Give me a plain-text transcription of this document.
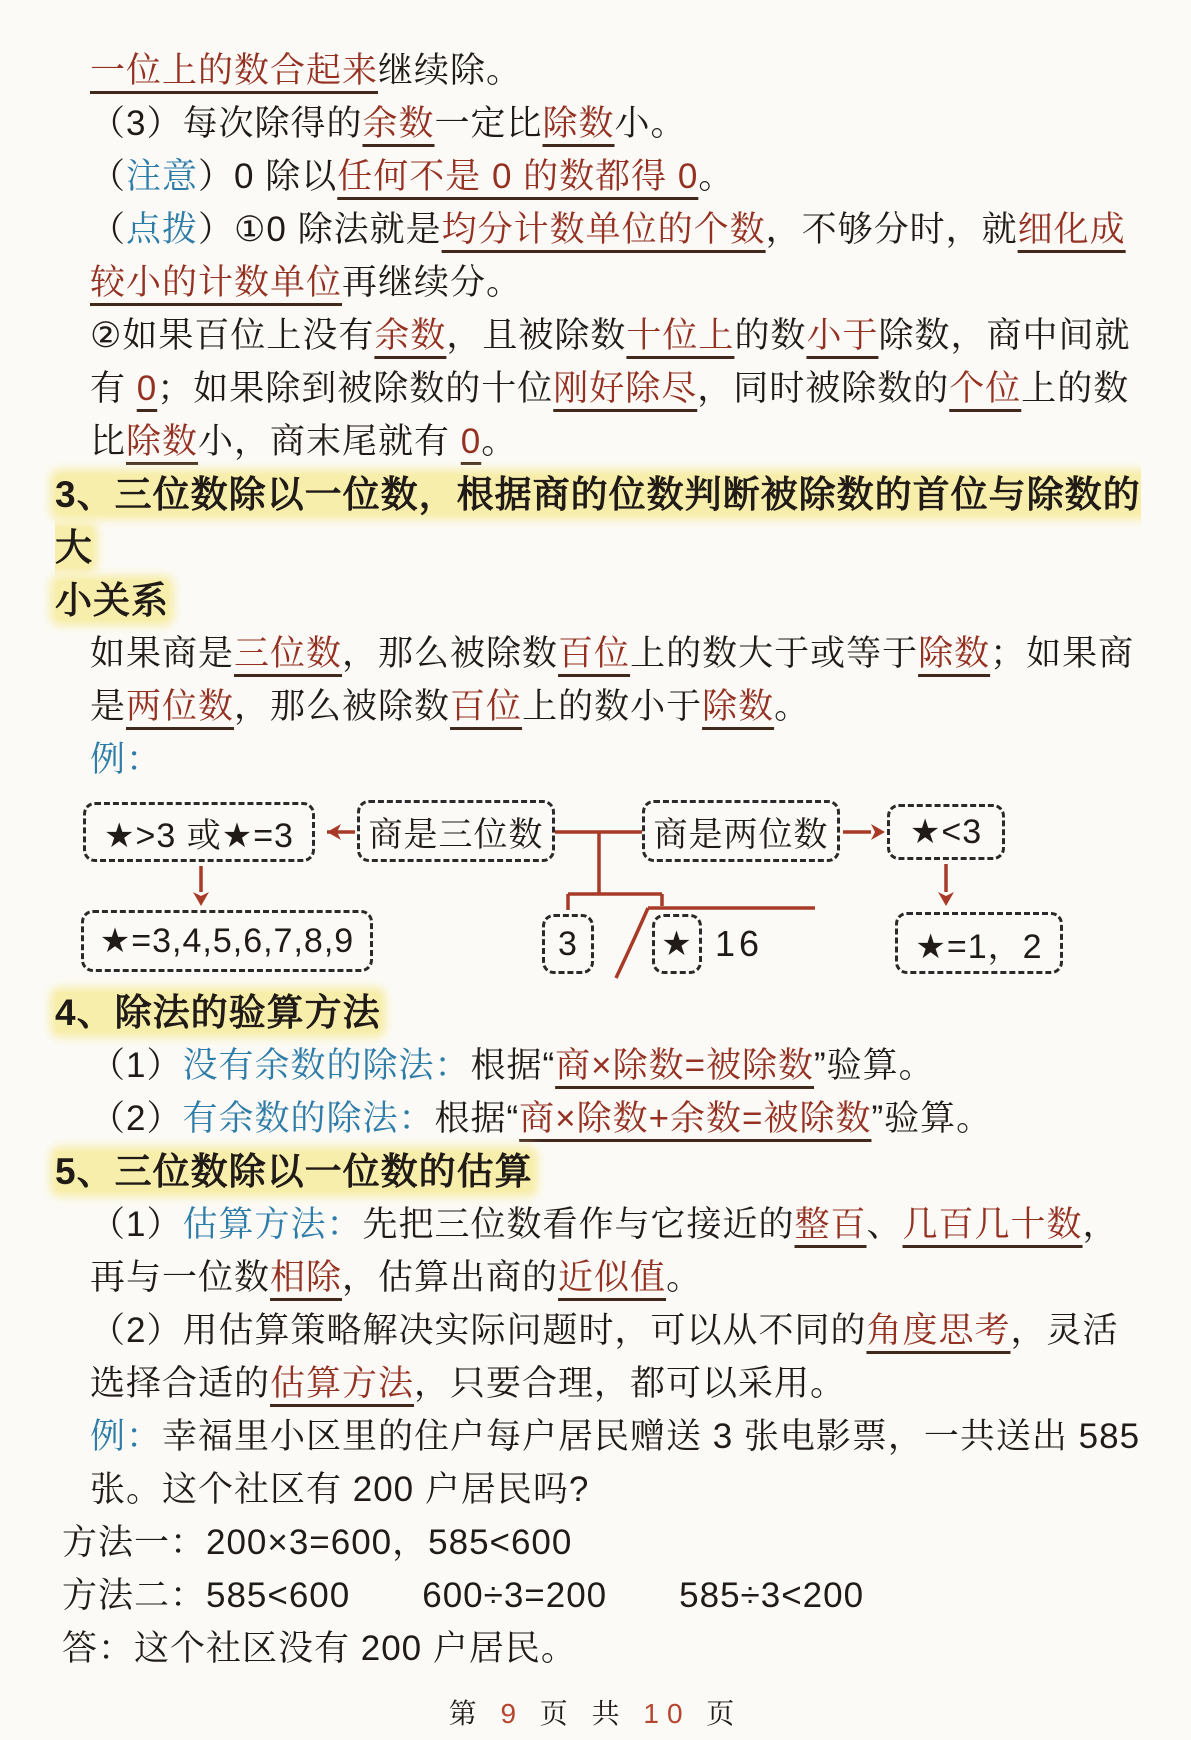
一位上的数合起来继续除。
（3）每次除得的余数一定比除数小。
（注意）0 除以任何不是 0 的数都得 0。
（点拨）①0 除法就是均分计数单位的个数，不够分时，就细化成
较小的计数单位再继续分。
②如果百位上没有余数，且被除数十位上的数小于除数，商中间就
有 0；如果除到被除数的十位刚好除尽，同时被除数的个位上的数
比除数小，商末尾就有 0。
3、三位数除以一位数，根据商的位数判断被除数的首位与除数的大
小关系
如果商是三位数，那么被除数百位上的数大于或等于除数；如果商
是两位数，那么被除数百位上的数小于除数。
例：
★>3 或★=3	商是三位数	商是两位数	★<3
★=3,4,5,6,7,8,9	3	★ 16	★=1，2
4、除法的验算方法
（1）没有余数的除法：根据“商×除数=被除数”验算。
（2）有余数的除法：根据“商×除数+余数=被除数”验算。
5、三位数除以一位数的估算
（1）估算方法：先把三位数看作与它接近的整百、几百几十数，
再与一位数相除，估算出商的近似值。
（2）用估算策略解决实际问题时，可以从不同的角度思考，灵活
选择合适的估算方法，只要合理，都可以采用。
例：幸福里小区里的住户每户居民赠送 3 张电影票，一共送出 585
张。这个社区有 200 户居民吗?
方法一：200×3=600，585<600
方法二：585<600　　600÷3=200　　585÷3<200
答：这个社区没有 200 户居民。
第 9 页 共 10 页
